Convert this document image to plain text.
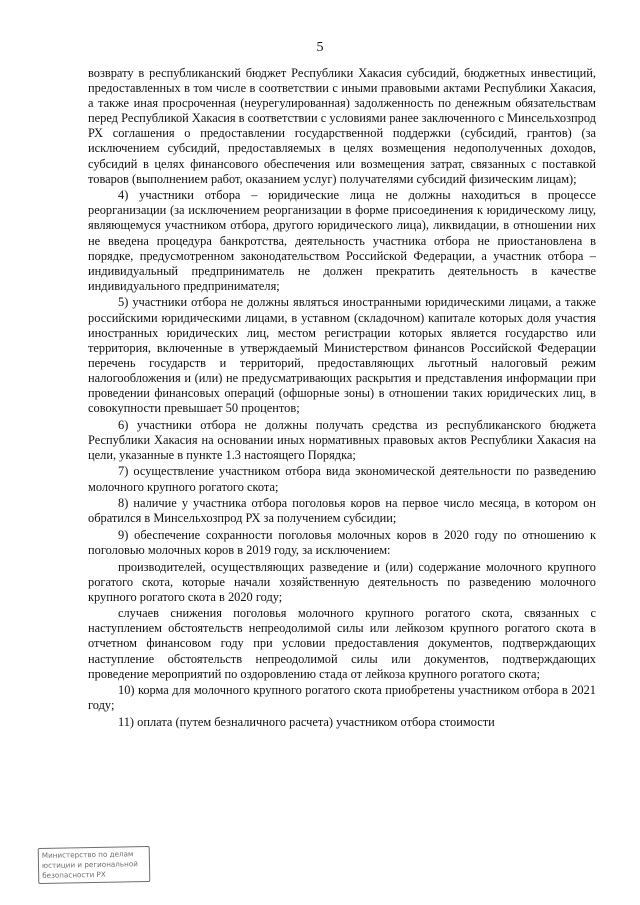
5

возврату в республиканский бюджет Республики Хакасия субсидий, бюджетных инвестиций, предоставленных в том числе в соответствии с иными правовыми актами Республики Хакасия, а также иная просроченная (неурегулированная) задолженность по денежным обязательствам перед Республикой Хакасия в соответствии с условиями ранее заключенного с Минсельхозпрод РХ соглашения о предоставлении государственной поддержки (субсидий, грантов) (за исключением субсидий, предоставляемых в целях возмещения недополученных доходов, субсидий в целях финансового обеспечения или возмещения затрат, связанных с поставкой товаров (выполнением работ, оказанием услуг) получателями субсидий физическим лицам);

4) участники отбора – юридические лица не должны находиться в процессе реорганизации (за исключением реорганизации в форме присоединения к юридическому лицу, являющемуся участником отбора, другого юридического лица), ликвидации, в отношении них не введена процедура банкротства, деятельность участника отбора не приостановлена в порядке, предусмотренном законодательством Российской Федерации, а участник отбора – индивидуальный предприниматель не должен прекратить деятельность в качестве индивидуального предпринимателя;

5) участники отбора не должны являться иностранными юридическими лицами, а также российскими юридическими лицами, в уставном (складочном) капитале которых доля участия иностранных юридических лиц, местом регистрации которых является государство или территория, включенные в утверждаемый Министерством финансов Российской Федерации перечень государств и территорий, предоставляющих льготный налоговый режим налогообложения и (или) не предусматривающих раскрытия и представления информации при проведении финансовых операций (офшорные зоны) в отношении таких юридических лиц, в совокупности превышает 50 процентов;

6) участники отбора не должны получать средства из республиканского бюджета Республики Хакасия на основании иных нормативных правовых актов Республики Хакасия на цели, указанные в пункте 1.3 настоящего Порядка;

7) осуществление участником отбора вида экономической деятельности по разведению молочного крупного рогатого скота;

8) наличие у участника отбора поголовья коров на первое число месяца, в котором он обратился в Минсельхозпрод РХ за получением субсидии;

9) обеспечение сохранности поголовья молочных коров в 2020 году по отношению к поголовью молочных коров в 2019 году, за исключением:

производителей, осуществляющих разведение и (или) содержание молочного крупного рогатого скота, которые начали хозяйственную деятельность по разведению молочного крупного рогатого скота в 2020 году;

случаев снижения поголовья молочного крупного рогатого скота, связанных с наступлением обстоятельств непреодолимой силы или лейкозом крупного рогатого скота в отчетном финансовом году при условии предоставления документов, подтверждающих наступление обстоятельств непреодолимой силы или документов, подтверждающих проведение мероприятий по оздоровлению стада от лейкоза крупного рогатого скота;

10) корма для молочного крупного рогатого скота приобретены участником отбора в 2021 году;

11) оплата (путем безналичного расчета) участником отбора стоимости

Министерство по делам
юстиции и региональной
безопасности РХ
